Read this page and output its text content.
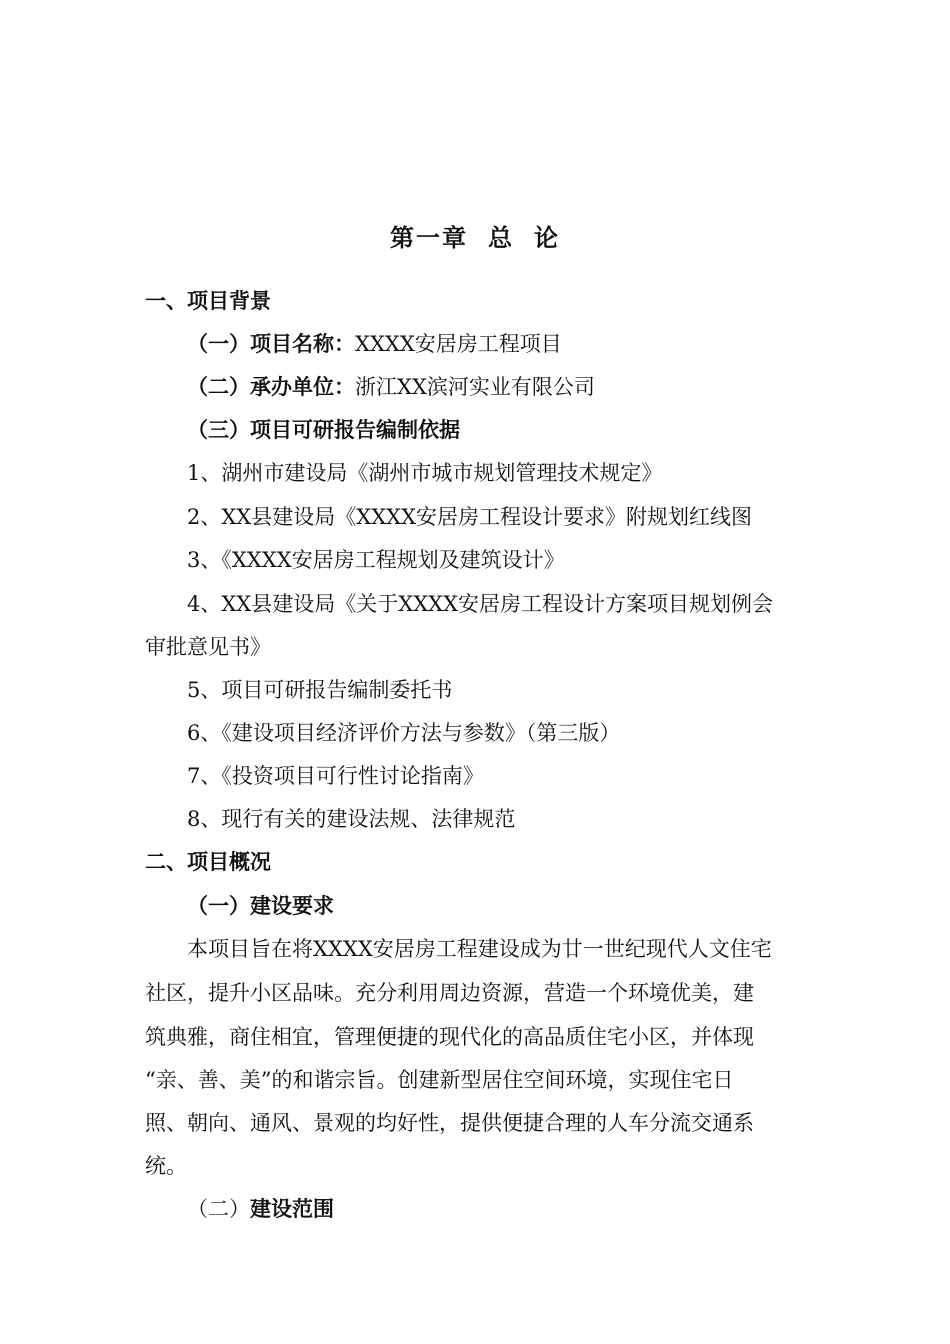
第一章 总 论
一、项目背景
（一）项目名称：XXXX安居房工程项目
（二）承办单位：浙江XX滨河实业有限公司
（三）项目可研报告编制依据
1、湖州市建设局《湖州市城市规划管理技术规定》
2、XX县建设局《XXXX安居房工程设计要求》附规划红线图
3、《XXXX安居房工程规划及建筑设计》
4、XX县建设局《关于XXXX安居房工程设计方案项目规划例会
审批意见书》
5、项目可研报告编制委托书
6、《建设项目经济评价方法与参数》（第三版）
7、《投资项目可行性讨论指南》
8、现行有关的建设法规、法律规范
二、项目概况
（一）建设要求
本项目旨在将XXXX安居房工程建设成为廿一世纪现代人文住宅
社区，提升小区品味。充分利用周边资源，营造一个环境优美，建
筑典雅，商住相宜，管理便捷的现代化的高品质住宅小区，并体现
“亲、善、美”的和谐宗旨。创建新型居住空间环境，实现住宅日
照、朝向、通风、景观的均好性，提供便捷合理的人车分流交通系
统。
（二）建设范围
